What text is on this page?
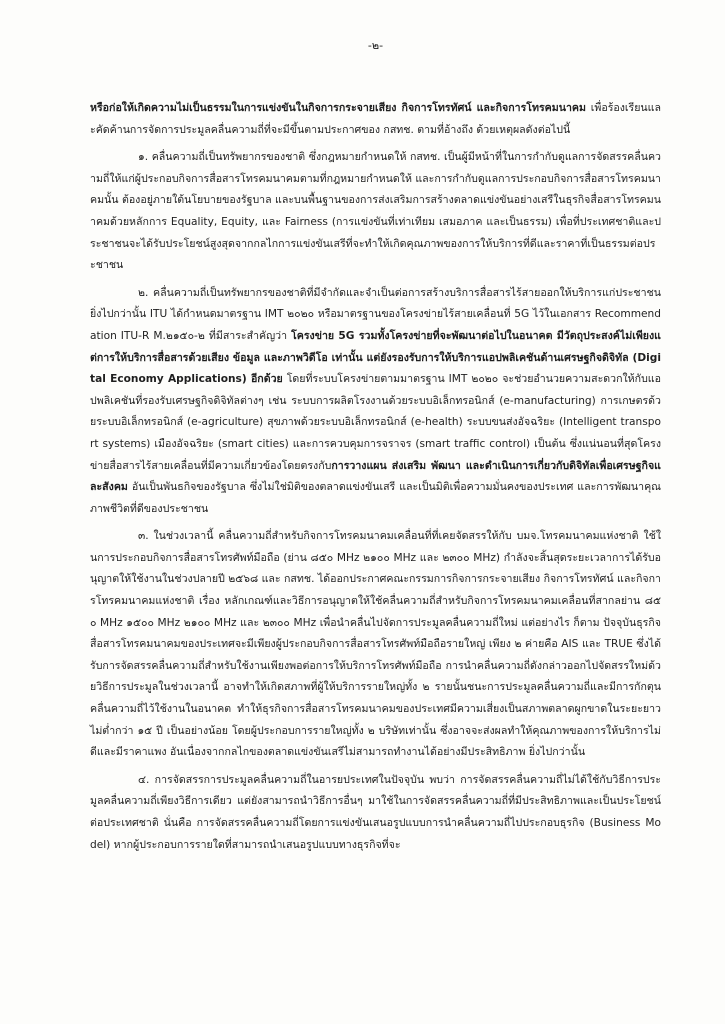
-๒-

หรือก่อให้เกิดความไม่เป็นธรรมในการแข่งขันในกิจการกระจายเสียง กิจการโทรทัศน์ และกิจการโทรคมนาคม เพื่อร้องเรียนและคัดค้านการจัดการประมูลคลื่นความถี่ที่จะมีขึ้นตามประกาศของ กสทช. ตามที่อ้างถึง ด้วยเหตุผลดังต่อไปนี้

๑. คลื่นความถี่เป็นทรัพยากรของชาติ ซึ่งกฎหมายกำหนดให้ กสทช. เป็นผู้มีหน้าที่ในการกำกับดูแลการจัดสรรคลื่นความถี่ให้แก่ผู้ประกอบกิจการสื่อสารโทรคมนาคมตามที่กฎหมายกำหนดให้ และการกำกับดูแลการประกอบกิจการสื่อสารโทรคมนาคมนั้น ต้องอยู่ภายใต้นโยบายของรัฐบาล และบนพื้นฐานของการส่งเสริมการสร้างตลาดแข่งขันอย่างเสรีในธุรกิจสื่อสารโทรคมนาคมด้วยหลักการ Equality, Equity, และ Fairness (การแข่งขันที่เท่าเทียม เสมอภาค และเป็นธรรม) เพื่อที่ประเทศชาติและประชาชนจะได้รับประโยชน์สูงสุดจากกลไกการแข่งขันเสรีที่จะทำให้เกิดคุณภาพของการให้บริการที่ดีและราคาที่เป็นธรรมต่อประชาชน

๒. คลื่นความถี่เป็นทรัพยากรของชาติที่มีจำกัดและจำเป็นต่อการสร้างบริการสื่อสารไร้สายออกให้บริการแก่ประชาชน ยิ่งไปกว่านั้น ITU ได้กำหนดมาตรฐาน IMT ๒๐๒๐ หรือมาตรฐานของโครงข่ายไร้สายเคลื่อนที่ 5G ไว้ในเอกสาร Recommendation ITU-R M.๒๑๕๐-๒ ที่มีสาระสำคัญว่า โครงข่าย 5G รวมทั้งโครงข่ายที่จะพัฒนาต่อไปในอนาคต มีวัตถุประสงค์ไม่เพียงแต่การให้บริการสื่อสารด้วยเสียง ข้อมูล และภาพวิดีโอ เท่านั้น แต่ยังรองรับการให้บริการแอปพลิเคชันด้านเศรษฐกิจดิจิทัล (Digital Economy Applications) อีกด้วย โดยที่ระบบโครงข่ายตามมาตรฐาน IMT ๒๐๒๐ จะช่วยอำนวยความสะดวกให้กับแอปพลิเคชันที่รองรับเศรษฐกิจดิจิทัลต่างๆ เช่น ระบบการผลิตโรงงานด้วยระบบอิเล็กทรอนิกส์ (e-manufacturing) การเกษตรด้วยระบบอิเล็กทรอนิกส์ (e-agriculture) สุขภาพด้วยระบบอิเล็กทรอนิกส์ (e-health) ระบบขนส่งอัจฉริยะ (Intelligent transport systems) เมืองอัจฉริยะ (smart cities) และการควบคุมการจราจร (smart traffic control) เป็นต้น ซึ่งแน่นอนที่สุดโครงข่ายสื่อสารไร้สายเคลื่อนที่มีความเกี่ยวข้องโดยตรงกับการวางแผน ส่งเสริม พัฒนา และดำเนินการเกี่ยวกับดิจิทัลเพื่อเศรษฐกิจและสังคม อันเป็นพันธกิจของรัฐบาล ซึ่งไม่ใช่มิติของตลาดแข่งขันเสรี และเป็นมิติเพื่อความมั่นคงของประเทศ และการพัฒนาคุณภาพชีวิตที่ดีของประชาชน

๓. ในช่วงเวลานี้ คลื่นความถี่สำหรับกิจการโทรคมนาคมเคลื่อนที่ที่เคยจัดสรรให้กับ บมจ.โทรคมนาคมแห่งชาติ ใช้ในการประกอบกิจการสื่อสารโทรศัพท์มือถือ (ย่าน ๘๕๐ MHz ๒๑๐๐ MHz และ ๒๓๐๐ MHz) กำลังจะสิ้นสุดระยะเวลาการได้รับอนุญาตให้ใช้งานในช่วงปลายปี ๒๕๖๘ และ กสทช. ได้ออกประกาศคณะกรรมการกิจการกระจายเสียง กิจการโทรทัศน์ และกิจการโทรคมนาคมแห่งชาติ เรื่อง หลักเกณฑ์และวิธีการอนุญาตให้ใช้คลื่นความถี่สำหรับกิจการโทรคมนาคมเคลื่อนที่สากลย่าน ๘๕๐ MHz ๑๕๐๐ MHz ๒๑๐๐ MHz และ ๒๓๐๐ MHz เพื่อนำคลื่นไปจัดการประมูลคลื่นความถี่ใหม่ แต่อย่างไร ก็ตาม ปัจจุบันธุรกิจสื่อสารโทรคมนาคมของประเทศจะมีเพียงผู้ประกอบกิจการสื่อสารโทรศัพท์มือถือรายใหญ่ เพียง ๒ ค่ายคือ AIS และ TRUE ซึ่งได้รับการจัดสรรคลื่นความถี่สำหรับใช้งานเพียงพอต่อการให้บริการโทรศัพท์มือถือ การนำคลื่นความถี่ดังกล่าวออกไปจัดสรรใหม่ด้วยวิธีการประมูลในช่วงเวลานี้ อาจทำให้เกิดสภาพที่ผู้ให้บริการรายใหญ่ทั้ง ๒ รายนั้นชนะการประมูลคลื่นความถี่และมีการกักตุนคลื่นความถี่ไว้ใช้งานในอนาคต ทำให้ธุรกิจการสื่อสารโทรคมนาคมของประเทศมีความเสี่ยงเป็นสภาพตลาดผูกขาดในระยะยาวไม่ต่ำกว่า ๑๕ ปี เป็นอย่างน้อย โดยผู้ประกอบการรายใหญ่ทั้ง ๒ บริษัทเท่านั้น ซึ่งอาจจะส่งผลทำให้คุณภาพของการให้บริการไม่ดีและมีราคาแพง อันเนื่องจากกลไกของตลาดแข่งขันเสรีไม่สามารถทำงานได้อย่างมีประสิทธิภาพ ยิ่งไปกว่านั้น

๔. การจัดสรรการประมูลคลื่นความถี่ในอารยประเทศในปัจจุบัน พบว่า การจัดสรรคลื่นความถี่ไม่ได้ใช้กับวิธีการประมูลคลื่นความถี่เพียงวิธีการเดียว แต่ยังสามารถนำวิธีการอื่นๆ มาใช้ในการจัดสรรคลื่นความถี่ที่มีประสิทธิภาพและเป็นประโยชน์ต่อประเทศชาติ นั่นคือ การจัดสรรคลื่นความถี่โดยการแข่งขันเสนอรูปแบบการนำคลื่นความถี่ไปประกอบธุรกิจ (Business Model) หากผู้ประกอบการรายใดที่สามารถนำเสนอรูปแบบทางธุรกิจที่จะ
